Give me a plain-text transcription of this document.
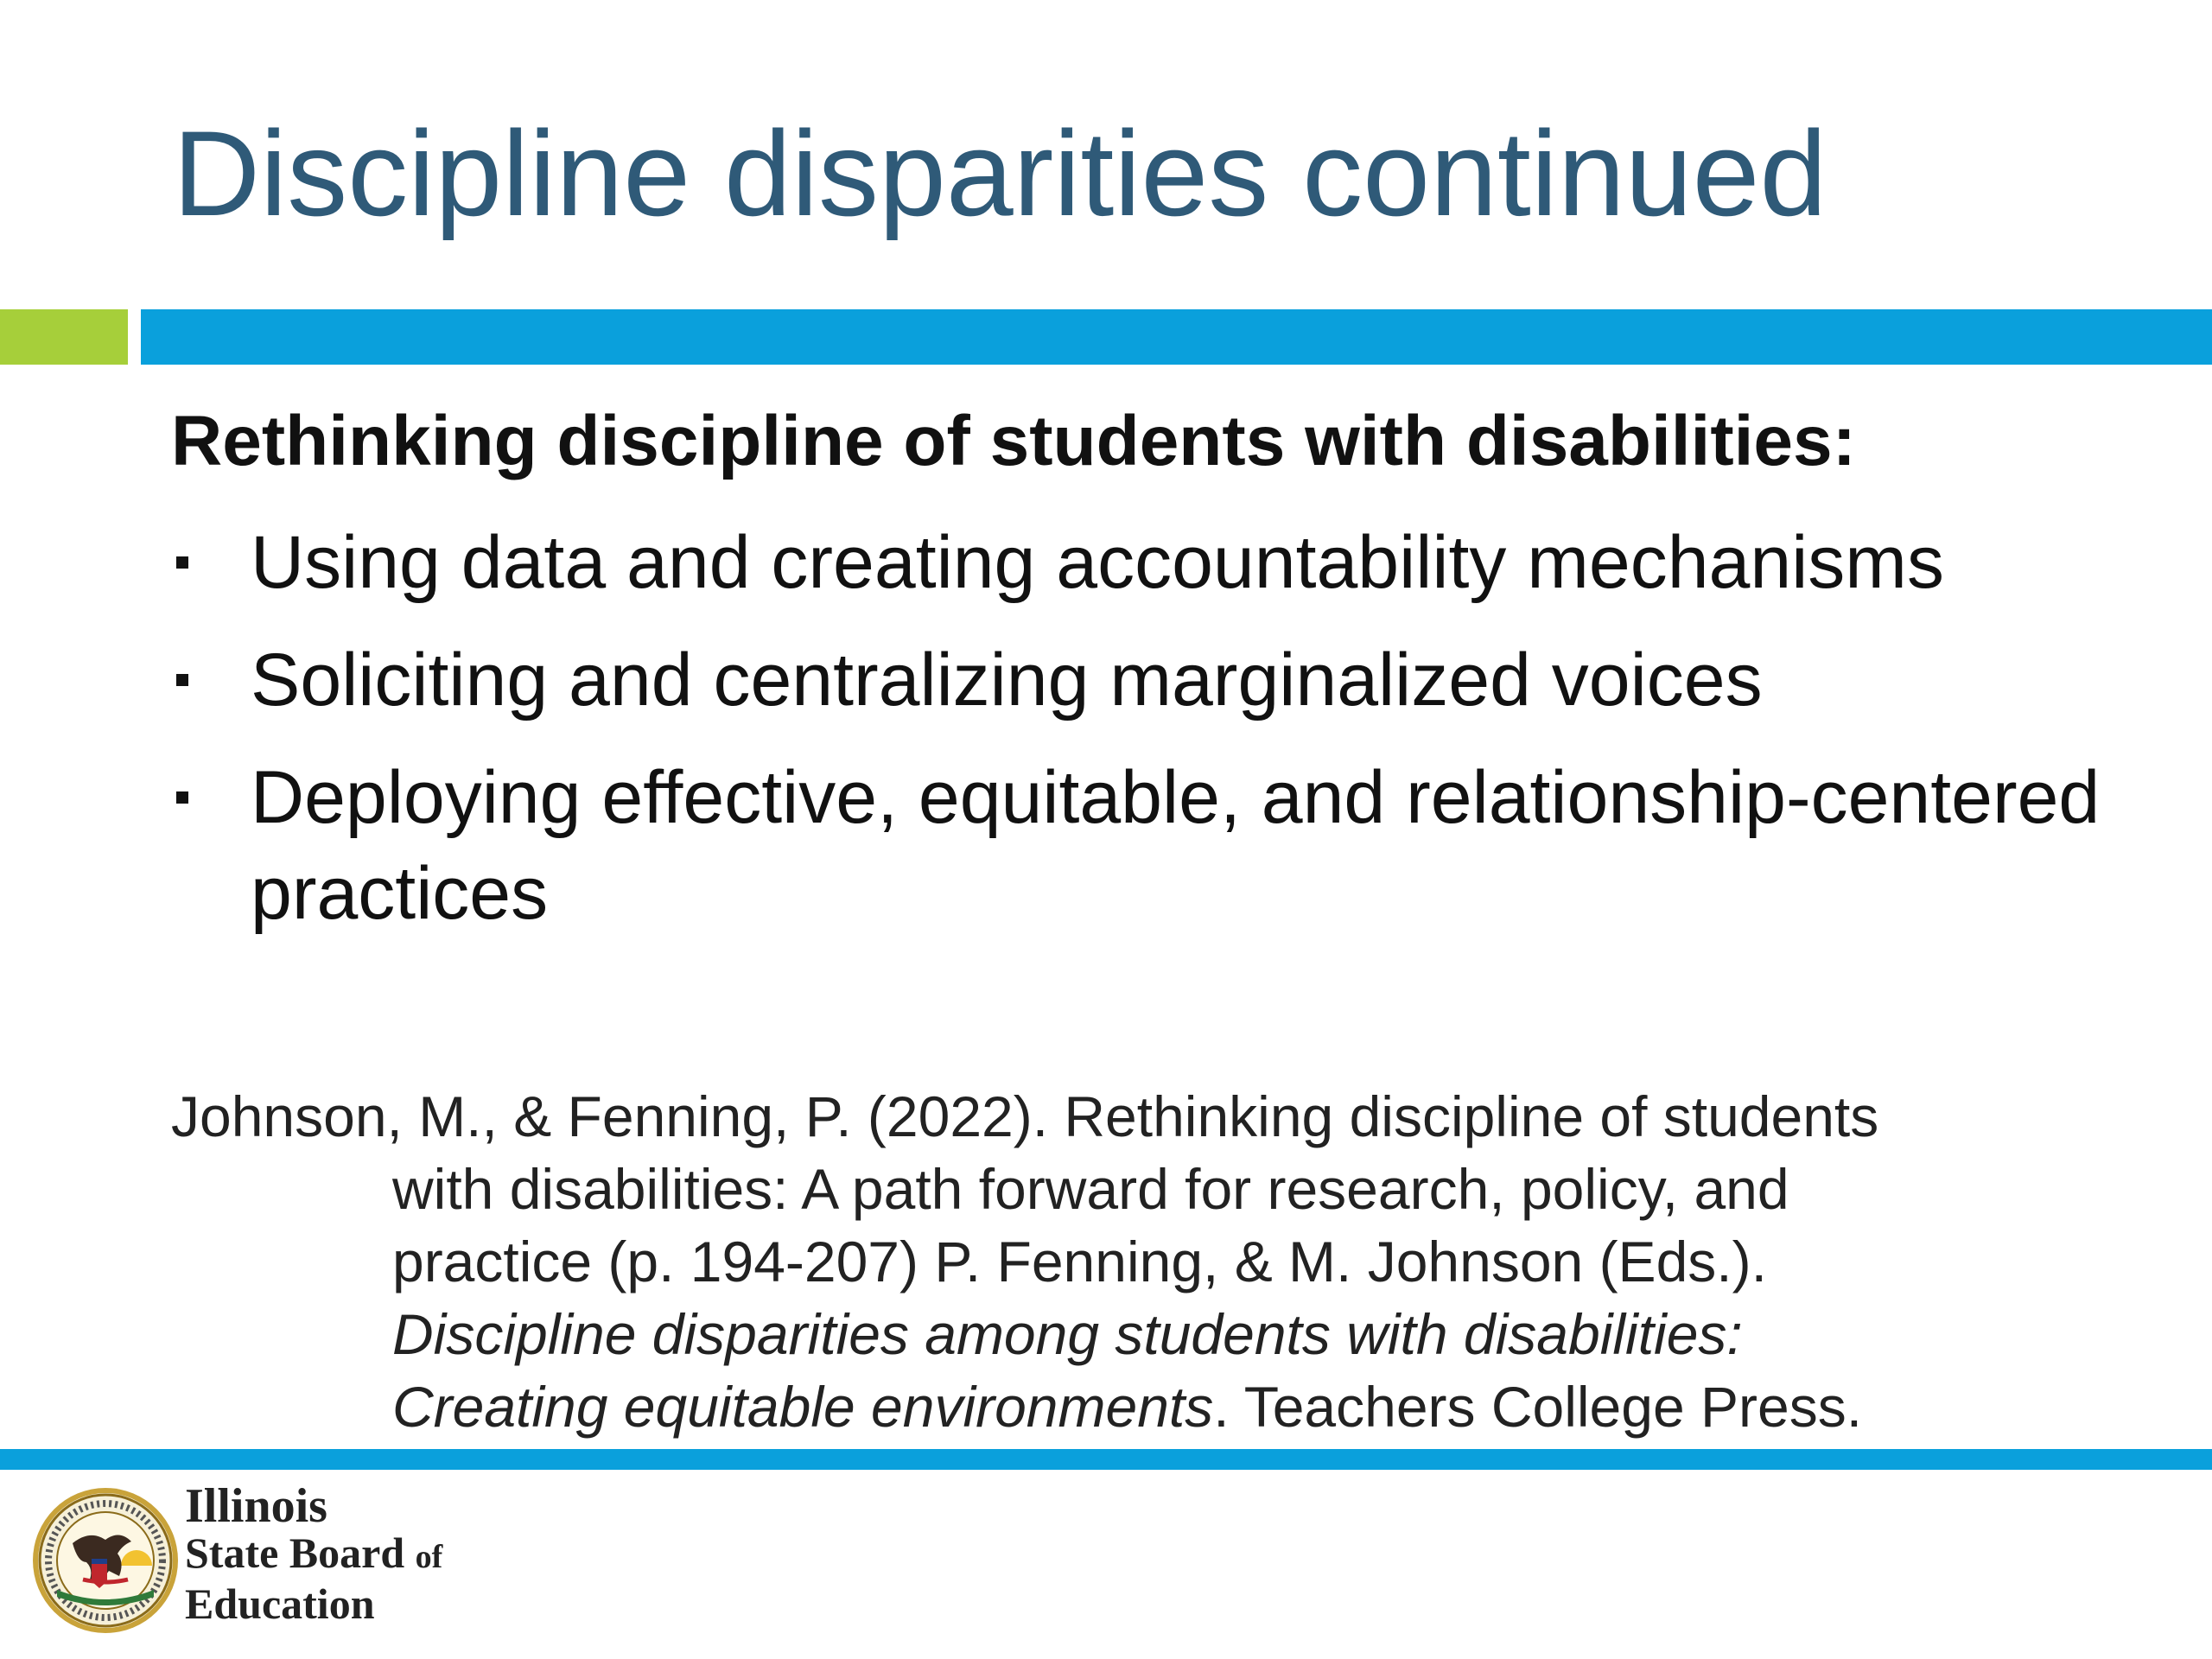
Discipline disparities continued
Rethinking discipline of students with disabilities:
Using data and creating accountability mechanisms
Soliciting and centralizing marginalized voices
Deploying effective, equitable, and relationship-centered practices
Johnson, M., & Fenning, P. (2022). Rethinking discipline of students
with disabilities: A path forward for research, policy, and
practice (p. 194-207) P. Fenning, & M. Johnson (Eds.).
Discipline disparities among students with disabilities:
Creating equitable environments. Teachers College Press.
Illinois
State Board of
Education
